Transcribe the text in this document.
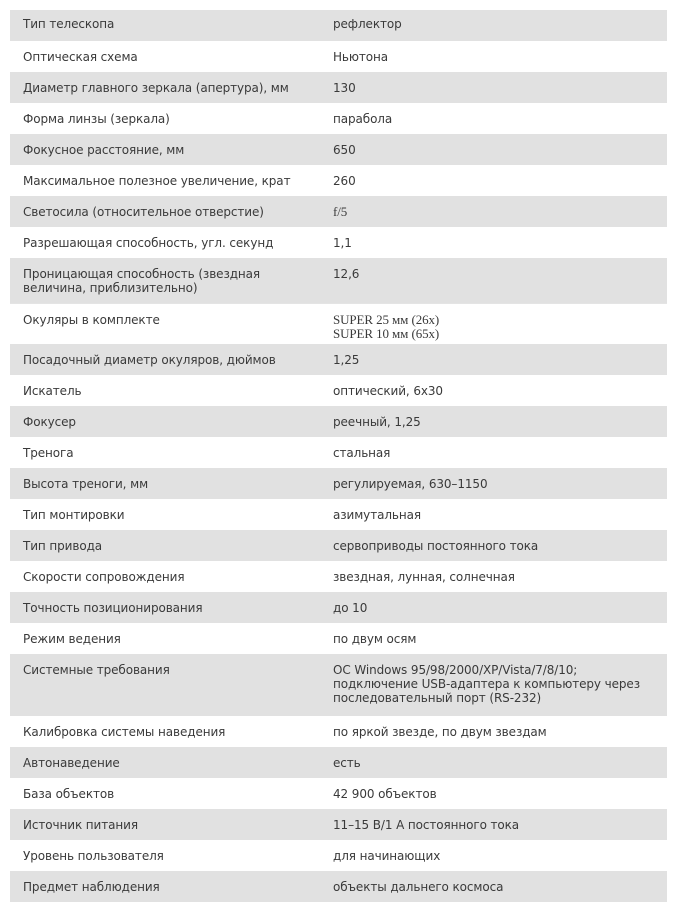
Тип телескопа	рефлектор

Оптическая схема	Ньютона

Диаметр главного зеркала (апертура), мм	130

Форма линзы (зеркала)	парабола

Фокусное расстояние, мм	650

Максимальное полезное увеличение, крат	260

Светосила (относительное отверстие)	f/5

Разрешающая способность, угл. секунд	1,1

Проницающая способность (звездная величина, приблизительно)	12,6

Окуляры в комплекте	SUPER 25 мм (26x)
SUPER 10 мм (65x)

Посадочный диаметр окуляров, дюймов	1,25

Искатель	оптический, 6x30

Фокусер	реечный, 1,25

Тренога	стальная

Высота треноги, мм	регулируемая, 630–1150

Тип монтировки	азимутальная

Тип привода	сервоприводы постоянного тока

Скорости сопровождения	звездная, лунная, солнечная

Точность позиционирования	до 10

Режим ведения	по двум осям

Системные требования	ОС Windows 95/98/2000/XP/Vista/7/8/10;
подключение USB-адаптера к компьютеру через
последовательный порт (RS-232)

Калибровка системы наведения	по яркой звезде, по двум звездам

Автонаведение	есть

База объектов	42 900 объектов

Источник питания	11–15 В/1 А постоянного тока

Уровень пользователя	для начинающих

Предмет наблюдения	объекты дальнего космоса
